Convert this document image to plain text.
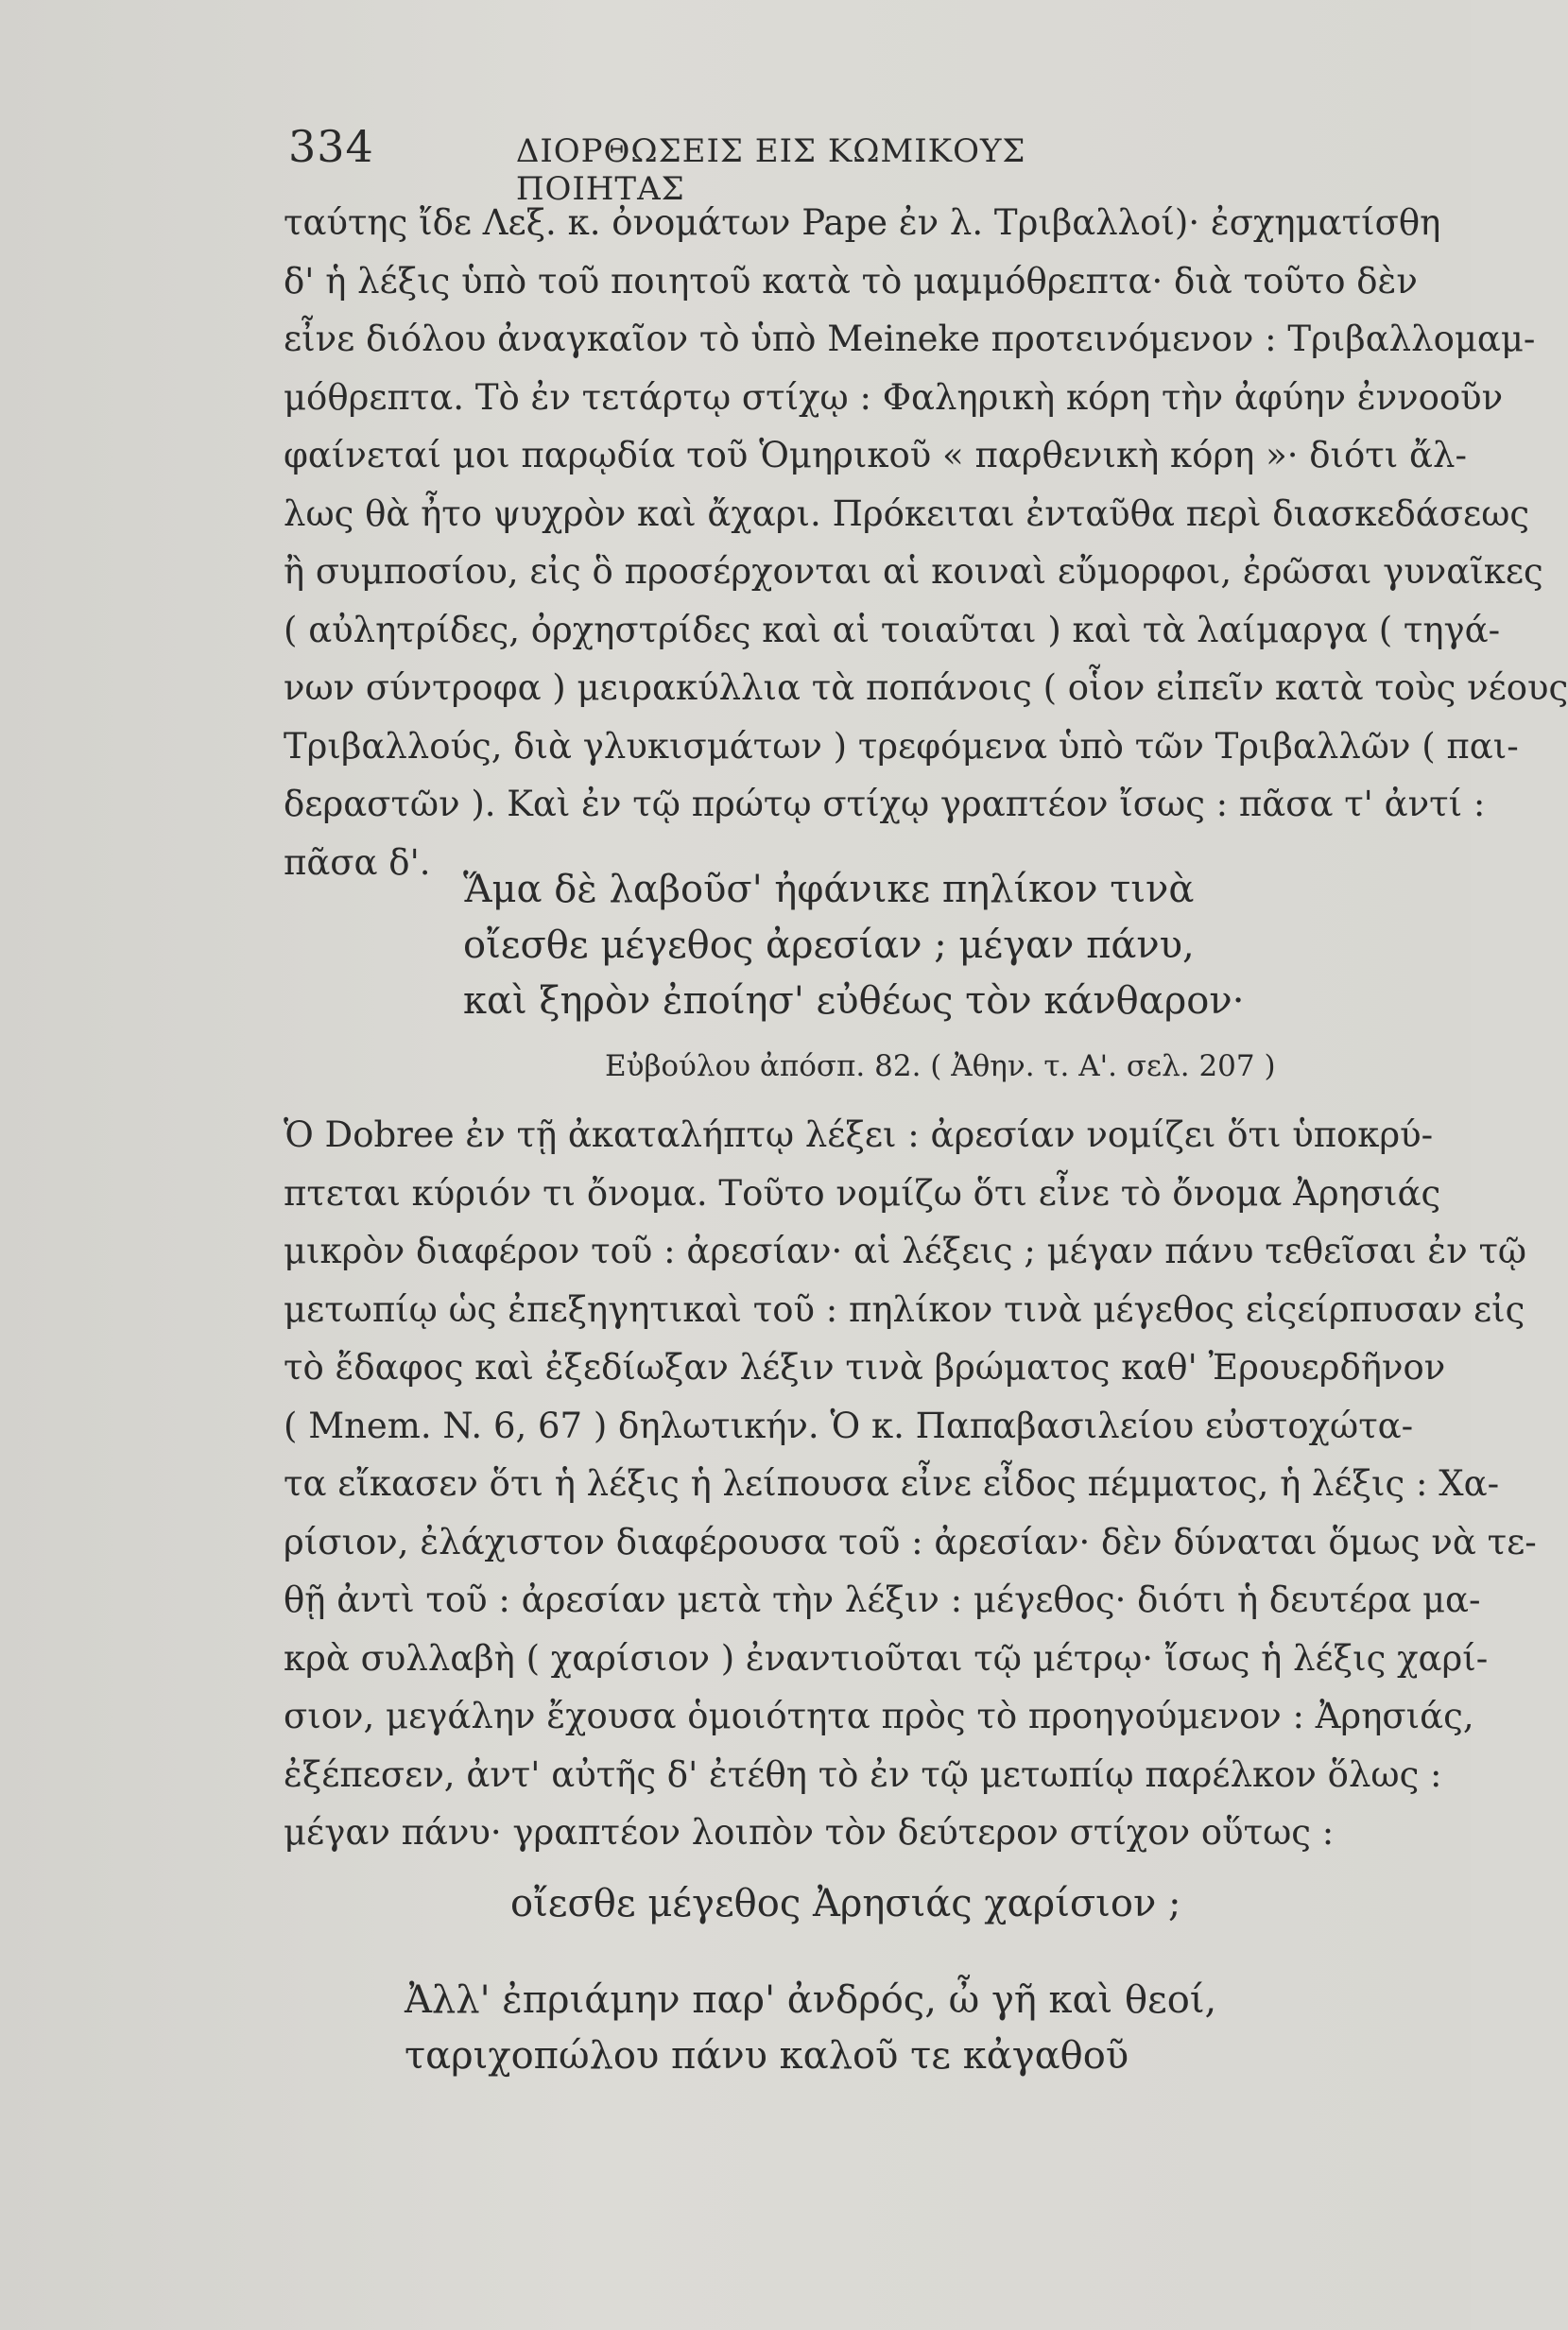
334	ΔΙΟΡΘΩΣΕΙΣ ΕΙΣ ΚΩΜΙΚΟΥΣ ΠΟΙΗΤΑΣ
ταύτης ἴδε Λεξ. κ. ὀνομάτων Pape ἐν λ. Τριβαλλοί)· ἐσχηματίσθη
δ' ἡ λέξις ὑπὸ τοῦ ποιητοῦ κατὰ τὸ μαμμόθρεπτα· διὰ τοῦτο δὲν
εἶνε διόλου ἀναγκαῖον τὸ ὑπὸ Meineke προτεινόμενον : Τριβαλλομαμ-
μόθρεπτα. Τὸ ἐν τετάρτῳ στίχῳ : Φαληρικὴ κόρη τὴν ἀφύην ἐννοοῦν
φαίνεταί μοι παρῳδία τοῦ Ὁμηρικοῦ « παρθενικὴ κόρη »· διότι ἄλ-
λως θὰ ἦτο ψυχρὸν καὶ ἄχαρι. Πρόκειται ἐνταῦθα περὶ διασκεδάσεως
ἢ συμποσίου, εἰς ὃ προσέρχονται αἱ κοιναὶ εὔμορφοι, ἐρῶσαι γυναῖκες
( αὐλητρίδες, ὀρχηστρίδες καὶ αἱ τοιαῦται ) καὶ τὰ λαίμαργα ( τηγά-
νων σύντροφα ) μειρακύλλια τὰ ποπάνοις ( οἷον εἰπεῖν κατὰ τοὺς νέους
Τριβαλλούς, διὰ γλυκισμάτων ) τρεφόμενα ὑπὸ τῶν Τριβαλλῶν ( παι-
δεραστῶν ). Καὶ ἐν τῷ πρώτῳ στίχῳ γραπτέον ἴσως : πᾶσα τ' ἀντί :
πᾶσα δ'.
Ἅμα δὲ λαβοῦσ' ἠφάνικε πηλίκον τινὰ
οἴεσθε μέγεθος ἀρεσίαν ; μέγαν πάνυ,
καὶ ξηρὸν ἐποίησ' εὐθέως τὸν κάνθαρον·
Εὐβούλου ἀπόσπ. 82. ( Ἀθην. τ. Α'. σελ. 207 )
Ὁ Dobree ἐν τῇ ἀκαταλήπτῳ λέξει : ἀρεσίαν νομίζει ὅτι ὑποκρύ-
πτεται κύριόν τι ὄνομα. Τοῦτο νομίζω ὅτι εἶνε τὸ ὄνομα Ἀρησιάς
μικρὸν διαφέρον τοῦ : ἀρεσίαν· αἱ λέξεις ; μέγαν πάνυ τεθεῖσαι ἐν τῷ
μετωπίῳ ὡς ἐπεξηγητικαὶ τοῦ : πηλίκον τινὰ μέγεθος εἰςείρπυσαν εἰς
τὸ ἔδαφος καὶ ἐξεδίωξαν λέξιν τινὰ βρώματος καθ' Ἐρουερδῆνον
( Mnem. N. 6, 67 ) δηλωτικήν. Ὁ κ. Παπαβασιλείου εὐστοχώτα-
τα εἴκασεν ὅτι ἡ λέξις ἡ λείπουσα εἶνε εἶδος πέμματος, ἡ λέξις : Χα-
ρίσιον, ἐλάχιστον διαφέρουσα τοῦ : ἀρεσίαν· δὲν δύναται ὅμως νὰ τε-
θῇ ἀντὶ τοῦ : ἀρεσίαν μετὰ τὴν λέξιν : μέγεθος· διότι ἡ δευτέρα μα-
κρὰ συλλαβὴ ( χαρίσιον ) ἐναντιοῦται τῷ μέτρῳ· ἴσως ἡ λέξις χαρί-
σιον, μεγάλην ἔχουσα ὁμοιότητα πρὸς τὸ προηγούμενον : Ἀρησιάς,
ἐξέπεσεν, ἀντ' αὐτῆς δ' ἐτέθη τὸ ἐν τῷ μετωπίῳ παρέλκον ὅλως :
μέγαν πάνυ· γραπτέον λοιπὸν τὸν δεύτερον στίχον οὕτως :
οἴεσθε μέγεθος Ἀρησιάς χαρίσιον ;
Ἀλλ' ἐπριάμην παρ' ἀνδρός, ὦ γῆ καὶ θεοί,
ταριχοπώλου πάνυ καλοῦ τε κἀγαθοῦ
